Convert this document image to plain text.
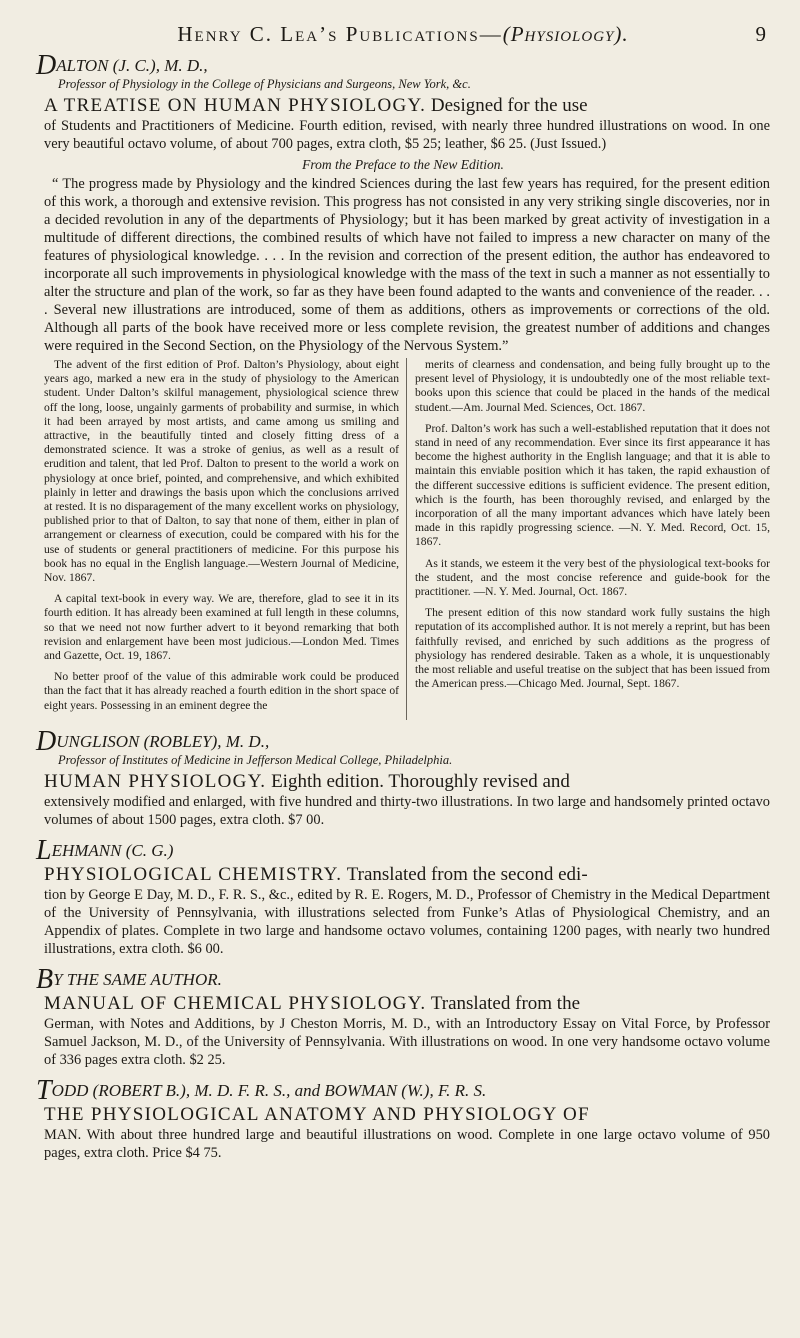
Henry C. Lea’s Publications—(Physiology).	9

DALTON (J. C.), M. D.,

Professor of Physiology in the College of Physicians and Surgeons, New York, &c.

A TREATISE ON HUMAN PHYSIOLOGY. Designed for the use

of Students and Practitioners of Medicine. Fourth edition, revised, with nearly three hundred illustrations on wood. In one very beautiful octavo volume, of about 700 pages, extra cloth, $5 25; leather, $6 25. (Just Issued.)

From the Preface to the New Edition.

“ The progress made by Physiology and the kindred Sciences during the last few years has required, for the present edition of this work, a thorough and extensive revision. This progress has not consisted in any very striking single discoveries, nor in a decided revolution in any of the departments of Physiology; but it has been marked by great activity of investigation in a multitude of different directions, the combined results of which have not failed to impress a new character on many of the features of physiological knowledge. . . . In the revision and correction of the present edition, the author has endeavored to incorporate all such improvements in physiological knowledge with the mass of the text in such a manner as not essentially to alter the structure and plan of the work, so far as they have been found adapted to the wants and convenience of the reader. . . . Several new illustrations are introduced, some of them as additions, others as improvements or corrections of the old. Although all parts of the book have received more or less complete revision, the greatest number of additions and changes were required in the Second Section, on the Physiology of the Nervous System.”

The advent of the first edition of Prof. Dalton’s Physiology, about eight years ago, marked a new era in the study of physiology to the American student. Under Dalton’s skilful management, physiological science threw off the long, loose, ungainly garments of probability and surmise, in which it had been arrayed by most artists, and came among us smiling and attractive, in the beautifully tinted and closely fitting dress of a demonstrated science. It was a stroke of genius, as well as a result of erudition and talent, that led Prof. Dalton to present to the world a work on physiology at once brief, pointed, and comprehensive, and which exhibited plainly in letter and drawings the basis upon which the conclusions arrived at rested. It is no disparagement of the many excellent works on physiology, published prior to that of Dalton, to say that none of them, either in plan of arrangement or clearness of execution, could be compared with his for the use of students or general practitioners of medicine. For this purpose his book has no equal in the English language.—Western Journal of Medicine, Nov. 1867.

A capital text-book in every way. We are, therefore, glad to see it in its fourth edition. It has already been examined at full length in these columns, so that we need not now further advert to it beyond remarking that both revision and enlargement have been most judicious.—London Med. Times and Gazette, Oct. 19, 1867.

No better proof of the value of this admirable work could be produced than the fact that it has already reached a fourth edition in the short space of eight years. Possessing in an eminent degree the

merits of clearness and condensation, and being fully brought up to the present level of Physiology, it is undoubtedly one of the most reliable text-books upon this science that could be placed in the hands of the medical student.—Am. Journal Med. Sciences, Oct. 1867.

Prof. Dalton’s work has such a well-established reputation that it does not stand in need of any recommendation. Ever since its first appearance it has become the highest authority in the English language; and that it is able to maintain this enviable position which it has taken, the rapid exhaustion of the different successive editions is sufficient evidence. The present edition, which is the fourth, has been thoroughly revised, and enlarged by the incorporation of all the many important advances which have lately been made in this rapidly progressing science. —N. Y. Med. Record, Oct. 15, 1867.

As it stands, we esteem it the very best of the physiological text-books for the student, and the most concise reference and guide-book for the practitioner. —N. Y. Med. Journal, Oct. 1867.

The present edition of this now standard work fully sustains the high reputation of its accomplished author. It is not merely a reprint, but has been faithfully revised, and enriched by such additions as the progress of physiology has rendered desirable. Taken as a whole, it is unquestionably the most reliable and useful treatise on the subject that has been issued from the American press.—Chicago Med. Journal, Sept. 1867.

DUNGLISON (ROBLEY), M. D.,

Professor of Institutes of Medicine in Jefferson Medical College, Philadelphia.

HUMAN PHYSIOLOGY. Eighth edition. Thoroughly revised and

extensively modified and enlarged, with five hundred and thirty-two illustrations. In two large and handsomely printed octavo volumes of about 1500 pages, extra cloth. $7 00.

LEHMANN (C. G.)

PHYSIOLOGICAL CHEMISTRY. Translated from the second edi-

tion by George E Day, M. D., F. R. S., &c., edited by R. E. Rogers, M. D., Professor of Chemistry in the Medical Department of the University of Pennsylvania, with illustrations selected from Funke’s Atlas of Physiological Chemistry, and an Appendix of plates. Complete in two large and handsome octavo volumes, containing 1200 pages, with nearly two hundred illustrations, extra cloth. $6 00.

BY THE SAME AUTHOR.

MANUAL OF CHEMICAL PHYSIOLOGY. Translated from the

German, with Notes and Additions, by J Cheston Morris, M. D., with an Introductory Essay on Vital Force, by Professor Samuel Jackson, M. D., of the University of Pennsylvania. With illustrations on wood. In one very handsome octavo volume of 336 pages extra cloth. $2 25.

TODD (ROBERT B.), M. D. F. R. S., and BOWMAN (W.), F. R. S.

THE PHYSIOLOGICAL ANATOMY AND PHYSIOLOGY OF

MAN. With about three hundred large and beautiful illustrations on wood. Complete in one large octavo volume of 950 pages, extra cloth. Price $4 75.
